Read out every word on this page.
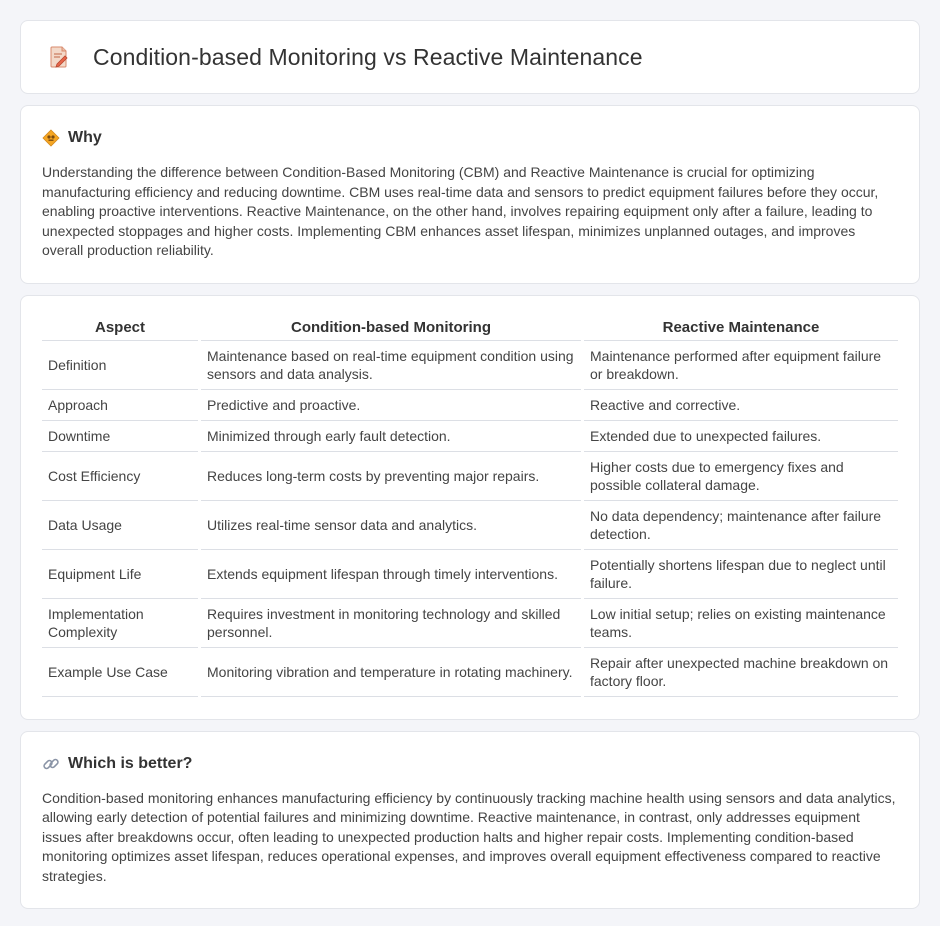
Condition-based Monitoring vs Reactive Maintenance
Why

Understanding the difference between Condition-Based Monitoring (CBM) and Reactive Maintenance is crucial for optimizing manufacturing efficiency and reducing downtime. CBM uses real-time data and sensors to predict equipment failures before they occur, enabling proactive interventions. Reactive Maintenance, on the other hand, involves repairing equipment only after a failure, leading to unexpected stoppages and higher costs. Implementing CBM enhances asset lifespan, minimizes unplanned outages, and improves overall production reliability.

Aspect	Condition-based Monitoring	Reactive Maintenance
Definition	Maintenance based on real-time equipment condition using sensors and data analysis.	Maintenance performed after equipment failure or breakdown.
Approach	Predictive and proactive.	Reactive and corrective.
Downtime	Minimized through early fault detection.	Extended due to unexpected failures.
Cost Efficiency	Reduces long-term costs by preventing major repairs.	Higher costs due to emergency fixes and possible collateral damage.
Data Usage	Utilizes real-time sensor data and analytics.	No data dependency; maintenance after failure detection.
Equipment Life	Extends equipment lifespan through timely interventions.	Potentially shortens lifespan due to neglect until failure.
Implementation Complexity	Requires investment in monitoring technology and skilled personnel.	Low initial setup; relies on existing maintenance teams.
Example Use Case	Monitoring vibration and temperature in rotating machinery.	Repair after unexpected machine breakdown on factory floor.
Which is better?

Condition-based monitoring enhances manufacturing efficiency by continuously tracking machine health using sensors and data analytics, allowing early detection of potential failures and minimizing downtime. Reactive maintenance, in contrast, only addresses equipment issues after breakdowns occur, often leading to unexpected production halts and higher repair costs. Implementing condition-based monitoring optimizes asset lifespan, reduces operational expenses, and improves overall equipment effectiveness compared to reactive strategies.
